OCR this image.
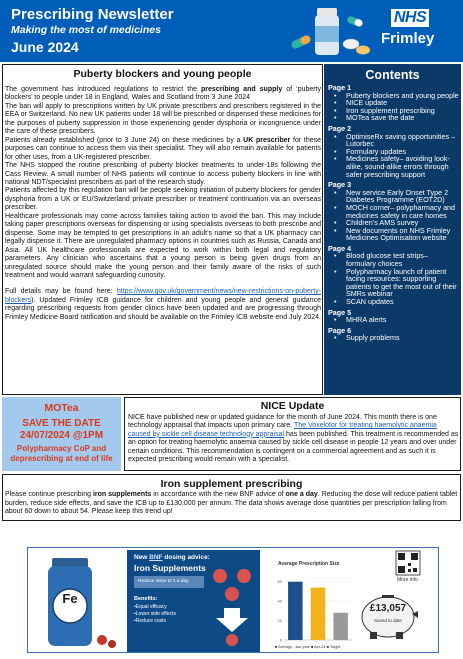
Prescribing Newsletter
Making the most of medicines
June 2024
NHS
Frimley
Puberty blockers and young people

The government has introduced regulations to restrict the prescribing and supply of ‘puberty blockers’ to people under 18 in England, Wales and Scotland from 3 June 2024

The ban will apply to prescriptions written by UK private prescribers and prescribers registered in the EEA or Switzerland. No new UK patients under 18 will be prescribed or dispensed these medicines for the purposes of puberty suppression in those experiencing gender dysphoria or incongruence under the care of these prescribers.

Patients already established (prior to 3 June 24) on these medicines by a UK prescriber for these purposes can continue to access them via their specialist. They will also remain available for patients for other uses, from a UK-registered prescriber.

The NHS stopped the routine prescribing of puberty blocker treatments to under-18s following the Cass Review. A small number of NHS patients will continue to access puberty blockers in line with national NDT/specialist prescribers as part of the research study.

Patients affected by this regulation ban will be people seeking initiation of puberty blockers for gender dysphoria from a UK or EU/Switzerland private prescriber or treatment continuation via an overseas prescriber.

Healthcare professionals may come across families taking action to avoid the ban. This may include taking paper prescriptions overseas for dispensing or using specialists overseas to both prescribe and dispense. Some may be tempted to get prescriptions in an adult’s name so that a UK pharmacy can legally dispense it. There are unregulated pharmacy options in countries such as Russia, Canada and Asia. All UK healthcare professionals are expected to work within both legal and regulatory parameters. Any clinician who ascertains that a young person is being given drugs from an unregulated source should make the young person and their family aware of the risks of such treatment and would warrant safeguarding curiosity.

Full details may be found here: https://www.gov.uk/government/news/new-restrictions-on-puberty-blockers). Updated Frimley ICB guidance for children and young people and general guidance regarding prescribing requests from gender clinics have been updated and are progressing through Frimley Medicine Board ratification and should be available on the Frimley ICB website end July 2024.

Contents
Page 1
• Puberty blockers and young people
• NICE update
• Iron supplement prescribing
• MOTea save the date
Page 2
• OptimiseRx saving opportunities – Lutorbec
• Formulary updates
• Medicines safety– avoiding look-alike, sound-alike errors through safer prescribing support
Page 3
• New service Early Onset Type 2 Diabetes Programme (EOT2D)
• MOCH corner– polypharmacy and medicines safety in care homes
• Children’s AMS survey
• New documents on NHS Frimley Medicines Optimisation website
Page 4
• Blood glucose test strips– formulary choices
• Polypharmacy launch of patient facing resources: supporting patients to get the most out of their SMRs webinar
• SCAN updates
Page 5
• MHRA alerts
Page 6
• Supply problems
MOTea
SAVE THE DATE
24/07/2024 @1PM
Polypharmacy CoP and deprescribing at end of life
NICE Update
NICE have published new or updated guidance for the month of June 2024. This month there is one technology appraisal that impacts upon primary care. The Voxelotor for treating haemolytic anaemia caused by sickle cell disease technology appraisal has been published. This treatment is recommended as an option for treating haemolytic anaemia caused by sickle cell disease in people 12 years and over under certain conditions. This recommendation is contingent on a commercial agreement and as such it is expected prescribing would remain with a specialist.
Iron supplement prescribing
Please continue prescribing iron supplements in accordance with the new BNF advice of one a day. Reducing the dose will reduce patient tablet burden, reduce side effects, and save the ICB up to £130,000 per annum. The data shows average dose quantities per prescription falling from about 60 down to about 54. Please keep this trend up!
Fe
New BNF dosing advice:
Iron Supplements
Reduce dose to 1 a day
Benefits:
• Equal efficacy
• Lower side effects
• Reduce costs
Average Prescription Size
0
20
40
60
■ Average - last year ■ Apr-24 ■ Target
More info
£13,057
Saved to date
